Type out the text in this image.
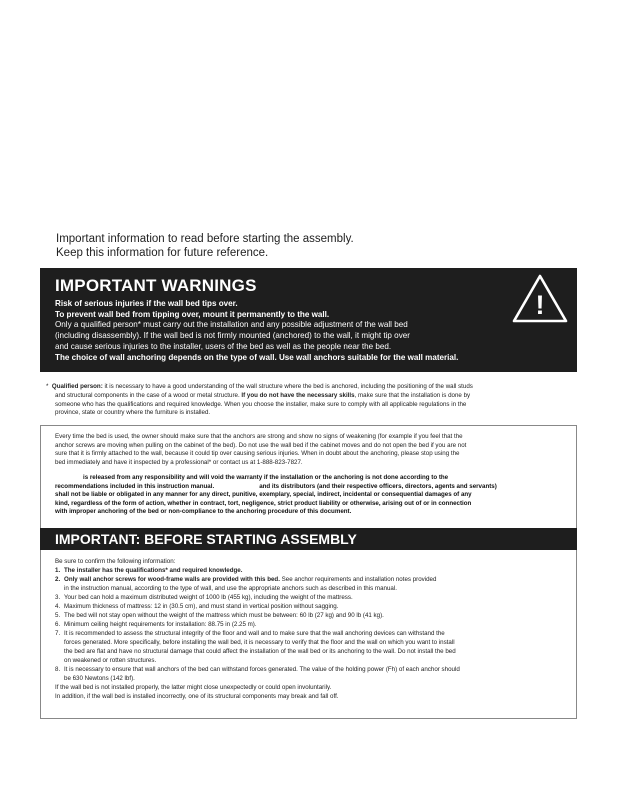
Important information to read before starting the assembly.
Keep this information for future reference.
IMPORTANT WARNINGS
!
Risk of serious injuries if the wall bed tips over.
To prevent wall bed from tipping over, mount it permanently to the wall.
Only a qualified person* must carry out the installation and any possible adjustment of the wall bed
(including disassembly). If the wall bed is not firmly mounted (anchored) to the wall, it might tip over
and cause serious injuries to the installer, users of the bed as well as the people near the bed.
The choice of wall anchoring depends on the type of wall. Use wall anchors suitable for the wall material.
* Qualified person: it is necessary to have a good understanding of the wall structure where the bed is anchored, including the positioning of the wall studs
and structural components in the case of a wood or metal structure. If you do not have the necessary skills, make sure that the installation is done by
someone who has the qualifications and required knowledge. When you choose the installer, make sure to comply with all applicable regulations in the
province, state or country where the furniture is installed.
Every time the bed is used, the owner should make sure that the anchors are strong and show no signs of weakening (for example if you feel that the
anchor screws are moving when pulling on the cabinet of the bed). Do not use the wall bed if the cabinet moves and do not open the bed if you are not
sure that it is firmly attached to the wall, because it could tip over causing serious injuries. When in doubt about the anchoring, please stop using the
bed immediately and have it inspected by a professional* or contact us at 1-888-823-7827.
is released from any responsibility and will void the warranty if the installation or the anchoring is not done according to the
recommendations included in this instruction manual.	and its distributors (and their respective officers, directors, agents and servants)
shall not be liable or obligated in any manner for any direct, punitive, exemplary, special, indirect, incidental or consequential damages of any
kind, regardless of the form of action, whether in contract, tort, negligence, strict product liability or otherwise, arising out of or in connection
with improper anchoring of the bed or non-compliance to the anchoring procedure of this document.
IMPORTANT: BEFORE STARTING ASSEMBLY
Be sure to confirm the following information:
1. The installer has the qualifications* and required knowledge.
2. Only wall anchor screws for wood-frame walls are provided with this bed. See anchor requirements and installation notes provided
in the instruction manual, according to the type of wall, and use the appropriate anchors such as described in this manual.
3. Your bed can hold a maximum distributed weight of 1000 lb (455 kg), including the weight of the mattress.
4. Maximum thickness of mattress: 12 in (30.5 cm), and must stand in vertical position without sagging.
5. The bed will not stay open without the weight of the mattress which must be between: 60 lb (27 kg) and 90 lb (41 kg).
6. Minimum ceiling height requirements for installation: 88.75 in (2.25 m).
7. It is recommended to assess the structural integrity of the floor and wall and to make sure that the wall anchoring devices can withstand the
forces generated. More specifically, before installing the wall bed, it is necessary to verify that the floor and the wall on which you want to install
the bed are flat and have no structural damage that could affect the installation of the wall bed or its anchoring to the wall. Do not install the bed
on weakened or rotten structures.
8. It is necessary to ensure that wall anchors of the bed can withstand forces generated. The value of the holding power (Fh) of each anchor should
be 630 Newtons (142 lbf).
If the wall bed is not installed properly, the latter might close unexpectedly or could open involuntarily.
In addition, if the wall bed is installed incorrectly, one of its structural components may break and fall off.
